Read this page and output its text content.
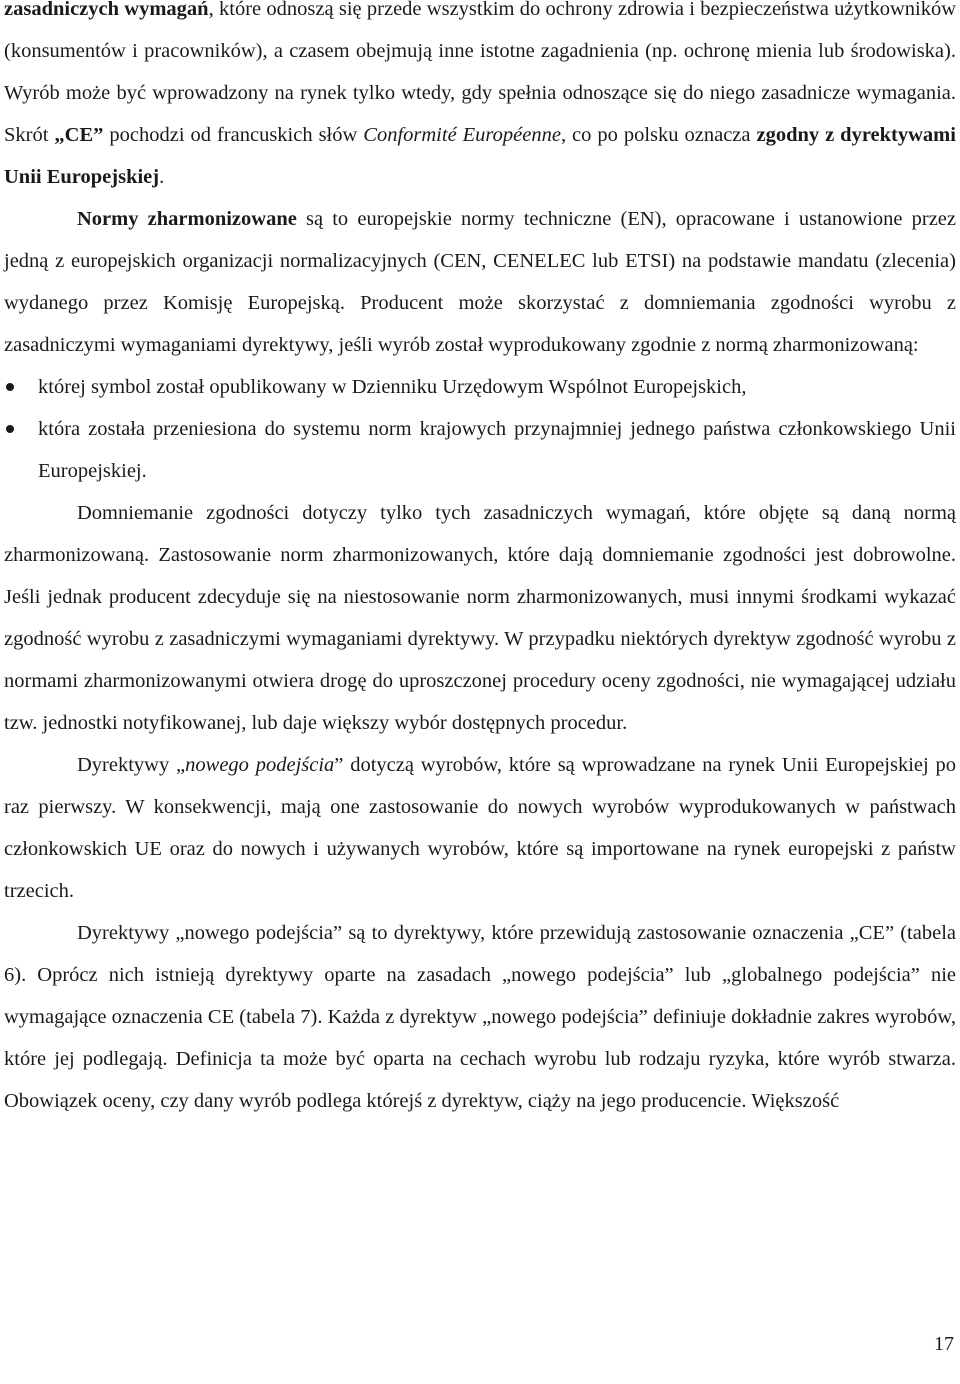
zasadniczych wymagań, które odnoszą się przede wszystkim do ochrony zdrowia i bezpieczeństwa użytkowników (konsumentów i pracowników), a czasem obejmują inne istotne zagadnienia (np. ochronę mienia lub środowiska). Wyrób może być wprowadzony na rynek tylko wtedy, gdy spełnia odnoszące się do niego zasadnicze wymagania. Skrót „CE” pochodzi od francuskich słów Conformité Européenne, co po polsku oznacza zgodny z dyrektywami Unii Europejskiej.

Normy zharmonizowane są to europejskie normy techniczne (EN), opracowane i ustanowione przez jedną z europejskich organizacji normalizacyjnych (CEN, CENELEC lub ETSI) na podstawie mandatu (zlecenia) wydanego przez Komisję Europejską. Producent może skorzystać z domniemania zgodności wyrobu z zasadniczymi wymaganiami dyrektywy, jeśli wyrób został wyprodukowany zgodnie z normą zharmonizowaną:

której symbol został opublikowany w Dzienniku Urzędowym Wspólnot Europejskich,
która została przeniesiona do systemu norm krajowych przynajmniej jednego państwa członkowskiego Unii Europejskiej.

Domniemanie zgodności dotyczy tylko tych zasadniczych wymagań, które objęte są daną normą zharmonizowaną. Zastosowanie norm zharmonizowanych, które dają domniemanie zgodności jest dobrowolne. Jeśli jednak producent zdecyduje się na niestosowanie norm zharmonizowanych, musi innymi środkami wykazać zgodność wyrobu z zasadniczymi wymaganiami dyrektywy. W przypadku niektórych dyrektyw zgodność wyrobu z normami zharmonizowanymi otwiera drogę do uproszczonej procedury oceny zgodności, nie wymagającej udziału tzw. jednostki notyfikowanej, lub daje większy wybór dostępnych procedur.

Dyrektywy „nowego podejścia” dotyczą wyrobów, które są wprowadzane na rynek Unii Europejskiej po raz pierwszy. W konsekwencji, mają one zastosowanie do nowych wyrobów wyprodukowanych w państwach członkowskich UE oraz do nowych i używanych wyrobów, które są importowane na rynek europejski z państw trzecich.

Dyrektywy „nowego podejścia” są to dyrektywy, które przewidują zastosowanie oznaczenia „CE” (tabela 6). Oprócz nich istnieją dyrektywy oparte na zasadach „nowego podejścia” lub „globalnego podejścia” nie wymagające oznaczenia CE (tabela 7). Każda z dyrektyw „nowego podejścia” definiuje dokładnie zakres wyrobów, które jej podlegają. Definicja ta może być oparta na cechach wyrobu lub rodzaju ryzyka, które wyrób stwarza. Obowiązek oceny, czy dany wyrób podlega którejś z dyrektyw, ciąży na jego producencie. Większość

17
